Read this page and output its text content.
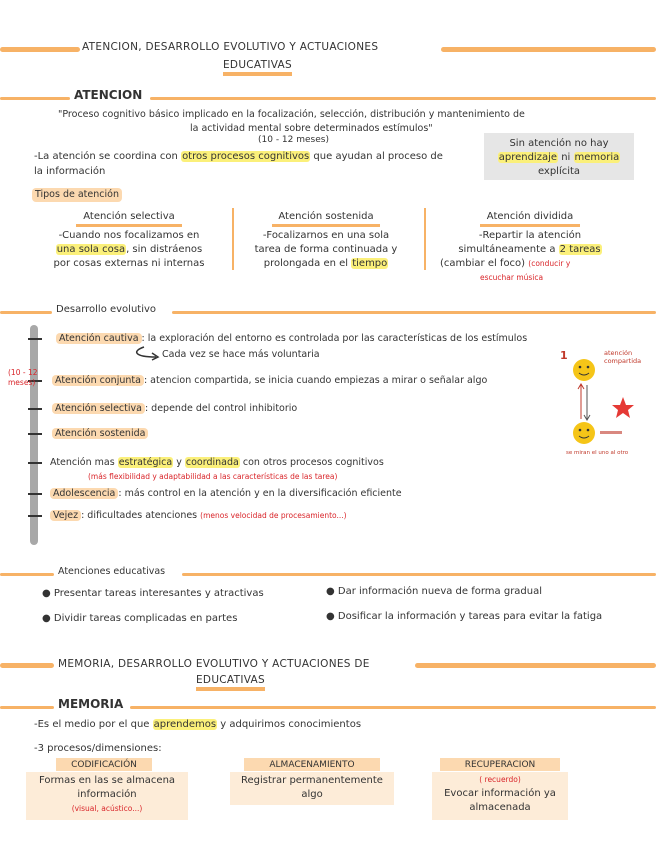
ATENCION, DESARROLLO EVOLUTIVO Y ACTUACIONES
EDUCATIVAS
ATENCION
"Proceso cognitivo básico implicado en la focalización, selección, distribución y mantenimiento de
la actividad mental sobre determinados estímulos"
(10 - 12 meses)
-La atención se coordina con otros procesos cognitivos que ayudan al proceso de
la información
Sin atención no hay
aprendizaje ni memoria
explícita
Tipos de atención
Atención selectiva
-Cuando nos focalizamos en
una sola cosa, sin distráenos
por cosas externas ni internas
Atención sostenida
-Focalizarnos en una sola
tarea de forma continuada y
prolongada en el tiempo
Atención dividida
-Repartir la atención
simultáneamente a 2 tareas
(cambiar el foco) (conducir y
escuchar música
Desarrollo evolutivo
(10 - 12
meses)
Atención cautiva : la exploración del entorno es controlada por las características de los estímulos
Cada vez se hace más voluntaria
Atención conjunta : atencion compartida, se inicia cuando empiezas a mirar o señalar algo
Atención selectiva : depende del control inhibitorio
Atención sostenida
Atención mas estratégica y coordinada con otros procesos cognitivos
(más flexibilidad y adaptabilidad a las características de las tarea)
Adolescencia : más control en la atención y en la diversificación eficiente
Vejez : dificultades atenciones (menos velocidad de procesamiento...)
1	atención
compartida
se miran el uno al otro
Atenciones educativas
● Presentar tareas interesantes y atractivas	● Dar información nueva de forma gradual
● Dividir tareas complicadas en partes	● Dosificar la información y tareas para evitar la fatiga
MEMORIA, DESARROLLO EVOLUTIVO Y ACTUACIONES DE
EDUCATIVAS
MEMORIA
-Es el medio por el que aprendemos y adquirimos conocimientos
-3 procesos/dimensiones:
CODIFICACIÓN
Formas en las se almacena
información
(visual, acústico...)
ALMACENAMIENTO
Registrar permanentemente
algo
RECUPERACION
( recuerdo)
Evocar información ya
almacenada
